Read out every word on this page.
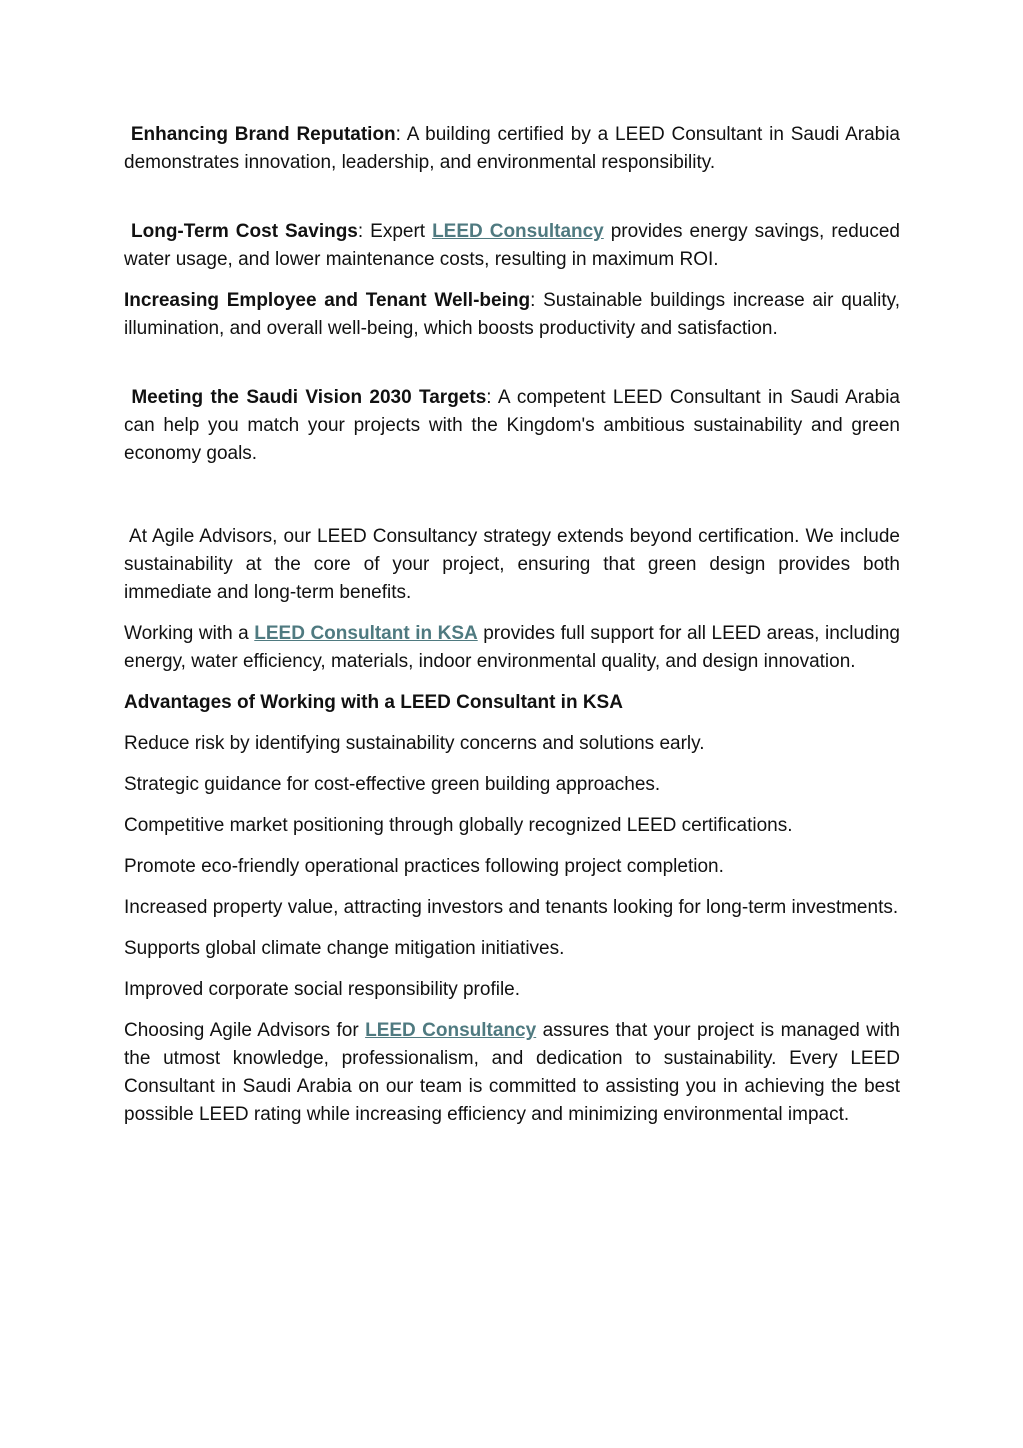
Enhancing Brand Reputation: A building certified by a LEED Consultant in Saudi Arabia demonstrates innovation, leadership, and environmental responsibility.

Long-Term Cost Savings: Expert LEED Consultancy provides energy savings, reduced water usage, and lower maintenance costs, resulting in maximum ROI.

Increasing Employee and Tenant Well-being: Sustainable buildings increase air quality, illumination, and overall well-being, which boosts productivity and satisfaction.

Meeting the Saudi Vision 2030 Targets: A competent LEED Consultant in Saudi Arabia can help you match your projects with the Kingdom's ambitious sustainability and green economy goals.

At Agile Advisors, our LEED Consultancy strategy extends beyond certification. We include sustainability at the core of your project, ensuring that green design provides both immediate and long-term benefits.

Working with a LEED Consultant in KSA provides full support for all LEED areas, including energy, water efficiency, materials, indoor environmental quality, and design innovation.

Advantages of Working with a LEED Consultant in KSA

Reduce risk by identifying sustainability concerns and solutions early.

Strategic guidance for cost-effective green building approaches.

Competitive market positioning through globally recognized LEED certifications.

Promote eco-friendly operational practices following project completion.

Increased property value, attracting investors and tenants looking for long-term investments.

Supports global climate change mitigation initiatives.

Improved corporate social responsibility profile.

Choosing Agile Advisors for LEED Consultancy assures that your project is managed with the utmost knowledge, professionalism, and dedication to sustainability. Every LEED Consultant in Saudi Arabia on our team is committed to assisting you in achieving the best possible LEED rating while increasing efficiency and minimizing environmental impact.
